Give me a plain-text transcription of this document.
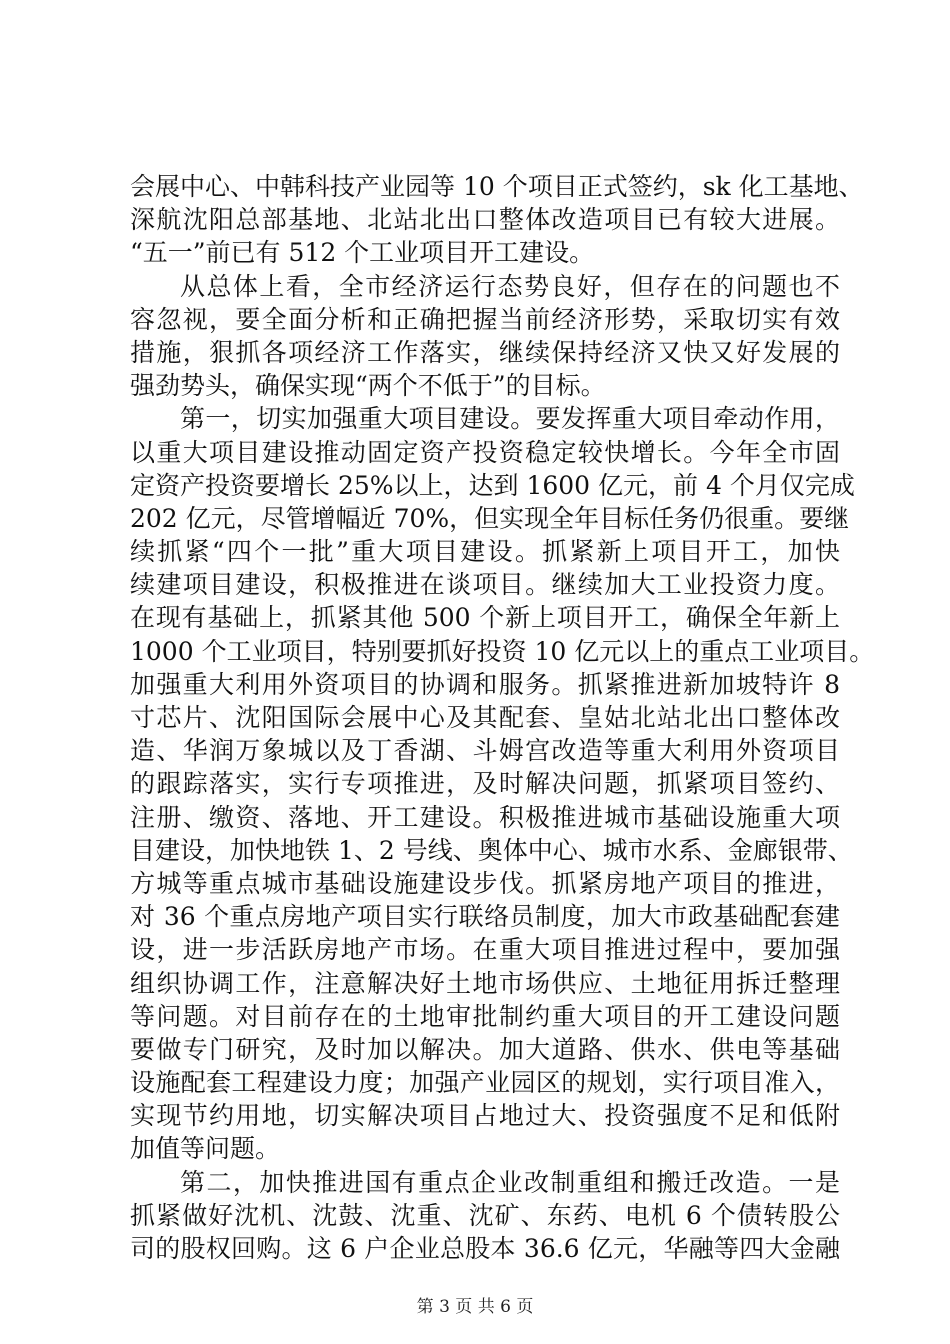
会展中心、中韩科技产业园等 10 个项目正式签约，sk 化工基地、
深航沈阳总部基地、北站北出口整体改造项目已有较大进展。
“五一”前已有 512 个工业项目开工建设。
从总体上看，全市经济运行态势良好，但存在的问题也不
容忽视，要全面分析和正确把握当前经济形势，采取切实有效
措施，狠抓各项经济工作落实，继续保持经济又快又好发展的
强劲势头，确保实现“两个不低于”的目标。
第一，切实加强重大项目建设。要发挥重大项目牵动作用，
以重大项目建设推动固定资产投资稳定较快增长。今年全市固
定资产投资要增长 25%以上，达到 1600 亿元，前 4 个月仅完成
202 亿元，尽管增幅近 70%，但实现全年目标任务仍很重。要继
续抓紧“四个一批”重大项目建设。抓紧新上项目开工，加快
续建项目建设，积极推进在谈项目。继续加大工业投资力度。
在现有基础上，抓紧其他 500 个新上项目开工，确保全年新上
1000 个工业项目，特别要抓好投资 10 亿元以上的重点工业项目。
加强重大利用外资项目的协调和服务。抓紧推进新加坡特许 8
寸芯片、沈阳国际会展中心及其配套、皇姑北站北出口整体改
造、华润万象城以及丁香湖、斗姆宫改造等重大利用外资项目
的跟踪落实，实行专项推进，及时解决问题，抓紧项目签约、
注册、缴资、落地、开工建设。积极推进城市基础设施重大项
目建设，加快地铁 1、2 号线、奥体中心、城市水系、金廊银带、
方城等重点城市基础设施建设步伐。抓紧房地产项目的推进，
对 36 个重点房地产项目实行联络员制度，加大市政基础配套建
设，进一步活跃房地产市场。在重大项目推进过程中，要加强
组织协调工作，注意解决好土地市场供应、土地征用拆迁整理
等问题。对目前存在的土地审批制约重大项目的开工建设问题
要做专门研究，及时加以解决。加大道路、供水、供电等基础
设施配套工程建设力度；加强产业园区的规划，实行项目准入，
实现节约用地，切实解决项目占地过大、投资强度不足和低附
加值等问题。
第二，加快推进国有重点企业改制重组和搬迁改造。一是
抓紧做好沈机、沈鼓、沈重、沈矿、东药、电机 6 个债转股公
司的股权回购。这 6 户企业总股本 36.6 亿元，华融等四大金融
第 3 页 共 6 页
